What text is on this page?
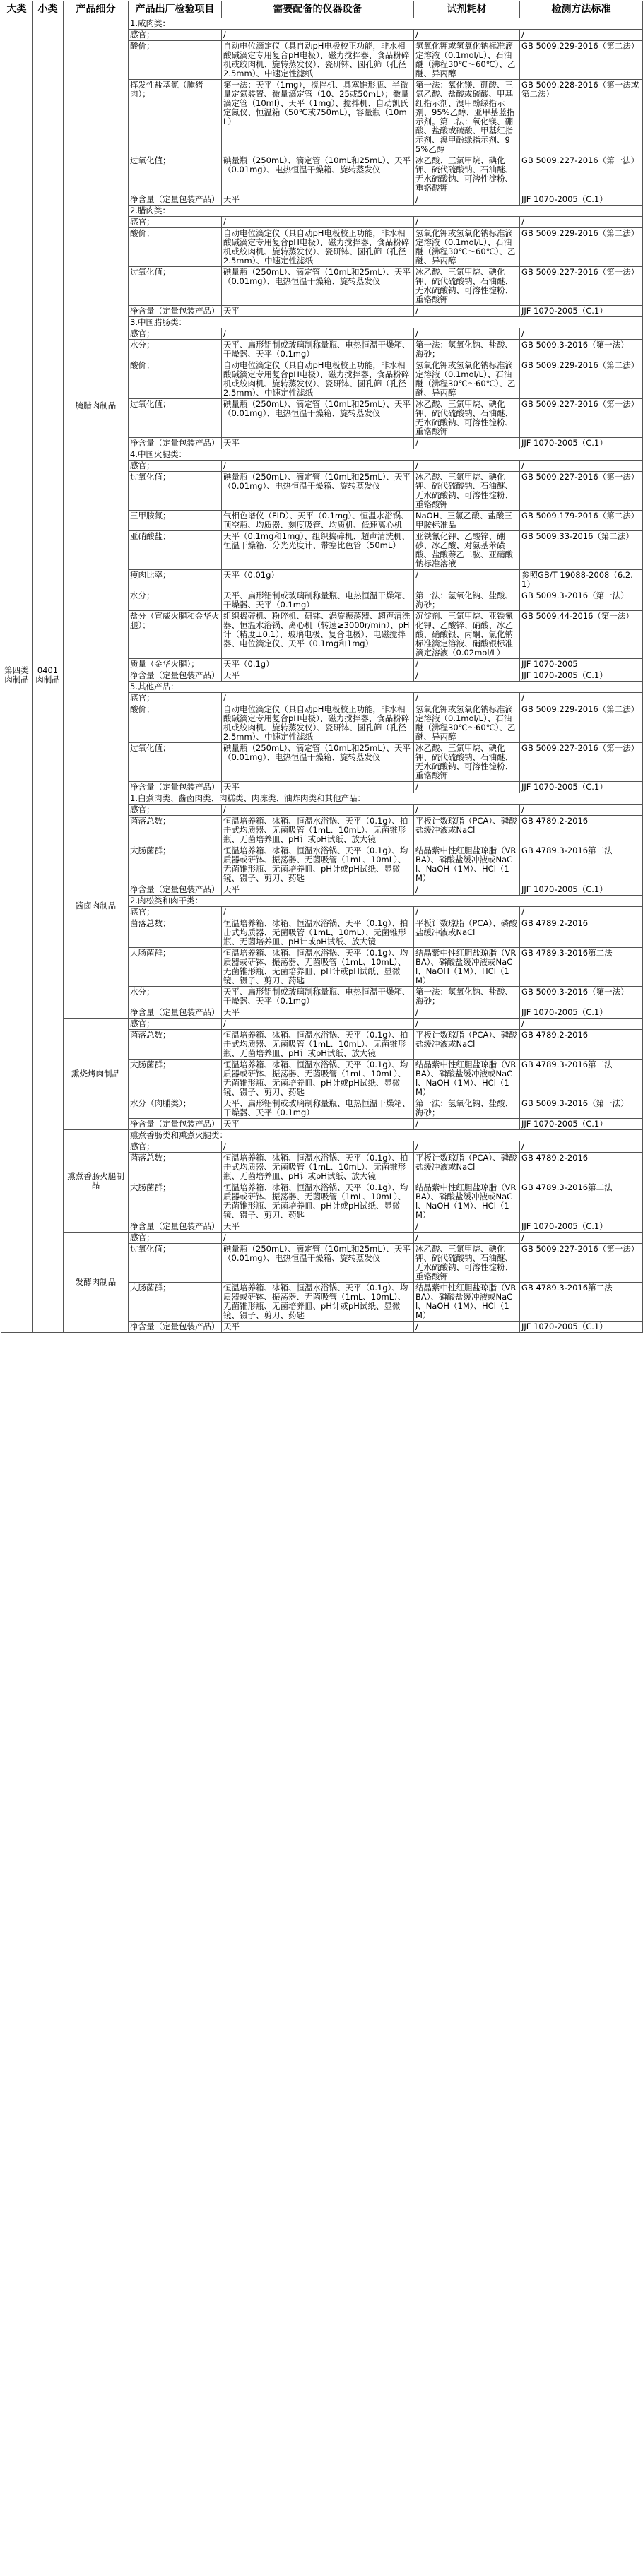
大类	小类	产品细分	产品出厂检验项目	需要配备的仪器设备	试剂耗材	检测方法标准
第四类 肉制品	0401肉制品	腌腊肉制品	1.咸肉类：			
			感官；	/	/	/
			酸价；	自动电位滴定仪（具自动pH电极校正功能，非水相酸碱滴定专用复合pH电极）、磁力搅拌器、食品粉碎机或绞肉机、旋转蒸发仪）、瓷研钵、圆孔筛（孔径2.5mm）、中速定性滤纸	氢氧化钾或氢氧化钠标准滴定溶液（0.1mol/L）、石油醚（沸程30℃～60℃）、乙醚、异丙醇	GB 5009.229-2016（第二法）
			挥发性盐基氮（腌猪肉）；	第一法：天平（1mg），搅拌机、具塞锥形瓶、半微量定氮装置、微量滴定管（10、25或50mL）；微量滴定管（10ml）、天平（1mg）、搅拌机、自动凯氏定氮仪、恒温箱（50℃或750mL），容量瓶（10mL）	第一法：氧化镁、硼酸、三氯乙酸、盐酸或硫酸、甲基红指示剂、溴甲酚绿指示剂、95%乙醇、亚甲基蓝指示剂。第二法：氧化镁、硼酸、盐酸或硫酸、甲基红指示剂、溴甲酚绿指示剂、95%乙醇	GB 5009.228-2016（第一法或第二法）
			过氧化值；	碘量瓶（250mL）、滴定管（10mL和25mL）、天平（0.01mg）、电热恒温干燥箱、旋转蒸发仪	冰乙酸、三氯甲烷、碘化钾、硫代硫酸钠、石油醚、无水硫酸钠、可溶性淀粉、重铬酸钾	GB 5009.227-2016（第一法）
			净含量（定量包装产品）	天平	/	JJF 1070-2005（C.1）
			2.腊肉类：			
			感官；	/	/	/
			酸价；	自动电位滴定仪（具自动pH电极校正功能，非水相酸碱滴定专用复合pH电极）、磁力搅拌器、食品粉碎机或绞肉机、旋转蒸发仪）、瓷研钵、圆孔筛（孔径2.5mm）、中速定性滤纸	氢氧化钾或氢氧化钠标准滴定溶液（0.1mol/L）、石油醚（沸程30℃～60℃）、乙醚、异丙醇	GB 5009.229-2016（第二法）
			过氧化值；	碘量瓶（250mL）、滴定管（10mL和25mL）、天平（0.01mg）、电热恒温干燥箱、旋转蒸发仪	冰乙酸、三氯甲烷、碘化钾、硫代硫酸钠、石油醚、无水硫酸钠、可溶性淀粉、重铬酸钾	GB 5009.227-2016（第一法）
			净含量（定量包装产品）	天平	/	JJF 1070-2005（C.1）
			3.中国腊肠类：			
			感官；	/	/	/
			水分；	天平、扁形铝制或玻璃制称量瓶、电热恒温干燥箱、干燥器、天平（0.1mg）	第一法：氢氧化钠、盐酸、海砂；	GB 5009.3-2016（第一法）
			酸价；	自动电位滴定仪（具自动pH电极校正功能，非水相酸碱滴定专用复合pH电极）、磁力搅拌器、食品粉碎机或绞肉机、旋转蒸发仪）、瓷研钵、圆孔筛（孔径2.5mm）、中速定性滤纸	氢氧化钾或氢氧化钠标准滴定溶液（0.1mol/L）、石油醚（沸程30℃～60℃）、乙醚、异丙醇	GB 5009.229-2016（第二法）
			过氧化值；	碘量瓶（250mL）、滴定管（10mL和25mL）、天平（0.01mg）、电热恒温干燥箱、旋转蒸发仪	冰乙酸、三氯甲烷、碘化钾、硫代硫酸钠、石油醚、无水硫酸钠、可溶性淀粉、重铬酸钾	GB 5009.227-2016（第一法）
			净含量（定量包装产品）	天平	/	JJF 1070-2005（C.1）
			4.中国火腿类：			
			感官；	/	/	/
			过氧化值；	碘量瓶（250mL）、滴定管（10mL和25mL）、天平（0.01mg）、电热恒温干燥箱、旋转蒸发仪	冰乙酸、三氯甲烷、碘化钾、硫代硫酸钠、石油醚、无水硫酸钠、可溶性淀粉、重铬酸钾	GB 5009.227-2016（第一法）
			三甲胺氮；	气相色谱仪（FID）、天平（0.1mg）、恒温水浴锅、顶空瓶、均质器、刻度吸管、均质机、低速离心机	NaOH、三氯乙酸、盐酸三甲胺标准品	GB 5009.179-2016（第二法）
			亚硝酸盐；	天平（0.1mg和1mg）、组织捣碎机、超声清洗机、恒温干燥箱、分光光度计、带塞比色管（50mL）	亚铁氰化钾、乙酸锌、硼砂、冰乙酸、对氨基苯磺酸、盐酸萘乙二胺、亚硝酸钠标准溶液	GB 5009.33-2016（第二法）
			瘦肉比率；	天平（0.01g）	/	参照GB/T 19088-2008（6.2.1）
			水分；	天平、扁形铝制或玻璃制称量瓶、电热恒温干燥箱、干燥器、天平（0.1mg）	第一法：氢氧化钠、盐酸、海砂；	GB 5009.3-2016（第一法）
			盐分（宣威火腿和金华火腿）；	组织捣碎机、粉碎机、研钵、涡旋振荡器、超声清洗器、恒温水浴锅、离心机（转速≥3000r/min）、pH计（精度±0.1）、玻璃电极、复合电极）、电磁搅拌器、电位滴定仪、天平（0.1mg和1mg）	沉淀剂、三氯甲烷、亚铁氰化钾、乙酸锌、硝酸、冰乙酸、硝酸银、丙酮、氯化钠标准滴定溶液、硝酸银标准滴定溶液（0.02mol/L）	GB 5009.44-2016（第一法）
			质量（金华火腿）；	天平（0.1g）	/	JJF 1070-2005
			净含量（定量包装产品）	天平	/	JJF 1070-2005（C.1）
			5.其他产品：			
			感官；	/	/	/
			酸价；	自动电位滴定仪（具自动pH电极校正功能，非水相酸碱滴定专用复合pH电极）、磁力搅拌器、食品粉碎机或绞肉机、旋转蒸发仪）、瓷研钵、圆孔筛（孔径2.5mm）、中速定性滤纸	氢氧化钾或氢氧化钠标准滴定溶液（0.1mol/L）、石油醚（沸程30℃～60℃）、乙醚、异丙醇	GB 5009.229-2016（第二法）
			过氧化值；	碘量瓶（250mL）、滴定管（10mL和25mL）、天平（0.01mg）、电热恒温干燥箱、旋转蒸发仪	冰乙酸、三氯甲烷、碘化钾、硫代硫酸钠、石油醚、无水硫酸钠、可溶性淀粉、重铬酸钾	GB 5009.227-2016（第一法）
			净含量（定量包装产品）	天平	/	JJF 1070-2005（C.1）
		酱卤肉制品	1.白煮肉类、酱卤肉类、肉糕类、肉冻类、油炸肉类和其他产品：			
			感官；	/	/	/
			菌落总数；	恒温培养箱、冰箱、恒温水浴锅、天平（0.1g）、拍击式均质器、无菌吸管（1mL、10mL）、无菌锥形瓶、无菌培养皿、pH计或pH试纸、放大镜	平板计数琼脂（PCA）、磷酸盐缓冲液或NaCl	GB 4789.2-2016
			大肠菌群；	恒温培养箱、冰箱、恒温水浴锅、天平（0.1g）、均质器或研钵、振荡器、无菌吸管（1mL、10mL）、无菌锥形瓶、无菌培养皿、pH计或pH试纸、显微镜、镊子、剪刀、药匙	结晶紫中性红胆盐琼脂（VRBA）、磷酸盐缓冲液或NaCl、NaOH（1M）、HCl（1M）	GB 4789.3-2016第二法
			净含量（定量包装产品）	天平	/	JJF 1070-2005（C.1）
			2.肉松类和肉干类：			
			感官；	/	/	/
			菌落总数；	恒温培养箱、冰箱、恒温水浴锅、天平（0.1g）、拍击式均质器、无菌吸管（1mL、10mL）、无菌锥形瓶、无菌培养皿、pH计或pH试纸、放大镜	平板计数琼脂（PCA）、磷酸盐缓冲液或NaCl	GB 4789.2-2016
			大肠菌群；	恒温培养箱、冰箱、恒温水浴锅、天平（0.1g）、均质器或研钵、振荡器、无菌吸管（1mL、10mL）、无菌锥形瓶、无菌培养皿、pH计或pH试纸、显微镜、镊子、剪刀、药匙	结晶紫中性红胆盐琼脂（VRBA）、磷酸盐缓冲液或NaCl、NaOH（1M）、HCl（1M）	GB 4789.3-2016第二法
			水分；	天平、扁形铝制或玻璃制称量瓶、电热恒温干燥箱、干燥器、天平（0.1mg）	第一法：氢氧化钠、盐酸、海砂；	GB 5009.3-2016（第一法）
			净含量（定量包装产品）	天平	/	JJF 1070-2005（C.1）
		熏烧烤肉制品	感官；	/	/	/
			菌落总数；	恒温培养箱、冰箱、恒温水浴锅、天平（0.1g）、拍击式均质器、无菌吸管（1mL、10mL）、无菌锥形瓶、无菌培养皿、pH计或pH试纸、放大镜	平板计数琼脂（PCA）、磷酸盐缓冲液或NaCl	GB 4789.2-2016
			大肠菌群；	恒温培养箱、冰箱、恒温水浴锅、天平（0.1g）、均质器或研钵、振荡器、无菌吸管（1mL、10mL）、无菌锥形瓶、无菌培养皿、pH计或pH试纸、显微镜、镊子、剪刀、药匙	结晶紫中性红胆盐琼脂（VRBA）、磷酸盐缓冲液或NaCl、NaOH（1M）、HCl（1M）	GB 4789.3-2016第二法
			水分（肉脯类）；	天平、扁形铝制或玻璃制称量瓶、电热恒温干燥箱、干燥器、天平（0.1mg）	第一法：氢氧化钠、盐酸、海砂；	GB 5009.3-2016（第一法）
			净含量（定量包装产品）	天平	/	JJF 1070-2005（C.1）
		熏煮香肠火腿制品	熏煮香肠类和熏煮火腿类：			
			感官；	/	/	/
			菌落总数；	恒温培养箱、冰箱、恒温水浴锅、天平（0.1g）、拍击式均质器、无菌吸管（1mL、10mL）、无菌锥形瓶、无菌培养皿、pH计或pH试纸、放大镜	平板计数琼脂（PCA）、磷酸盐缓冲液或NaCl	GB 4789.2-2016
			大肠菌群；	恒温培养箱、冰箱、恒温水浴锅、天平（0.1g）、均质器或研钵、振荡器、无菌吸管（1mL、10mL）、无菌锥形瓶、无菌培养皿、pH计或pH试纸、显微镜、镊子、剪刀、药匙	结晶紫中性红胆盐琼脂（VRBA）、磷酸盐缓冲液或NaCl、NaOH（1M）、HCl（1M）	GB 4789.3-2016第二法
			净含量（定量包装产品）	天平	/	JJF 1070-2005（C.1）
		发酵肉制品	感官；	/	/	/
			过氧化值；	碘量瓶（250mL）、滴定管（10mL和25mL）、天平（0.01mg）、电热恒温干燥箱、旋转蒸发仪	冰乙酸、三氯甲烷、碘化钾、硫代硫酸钠、石油醚、无水硫酸钠、可溶性淀粉、重铬酸钾	GB 5009.227-2016（第一法）
			大肠菌群；	恒温培养箱、冰箱、恒温水浴锅、天平（0.1g）、均质器或研钵、振荡器、无菌吸管（1mL、10mL）、无菌锥形瓶、无菌培养皿、pH计或pH试纸、显微镜、镊子、剪刀、药匙	结晶紫中性红胆盐琼脂（VRBA）、磷酸盐缓冲液或NaCl、NaOH（1M）、HCl（1M）	GB 4789.3-2016第二法
			净含量（定量包装产品）	天平	/	JJF 1070-2005（C.1）
